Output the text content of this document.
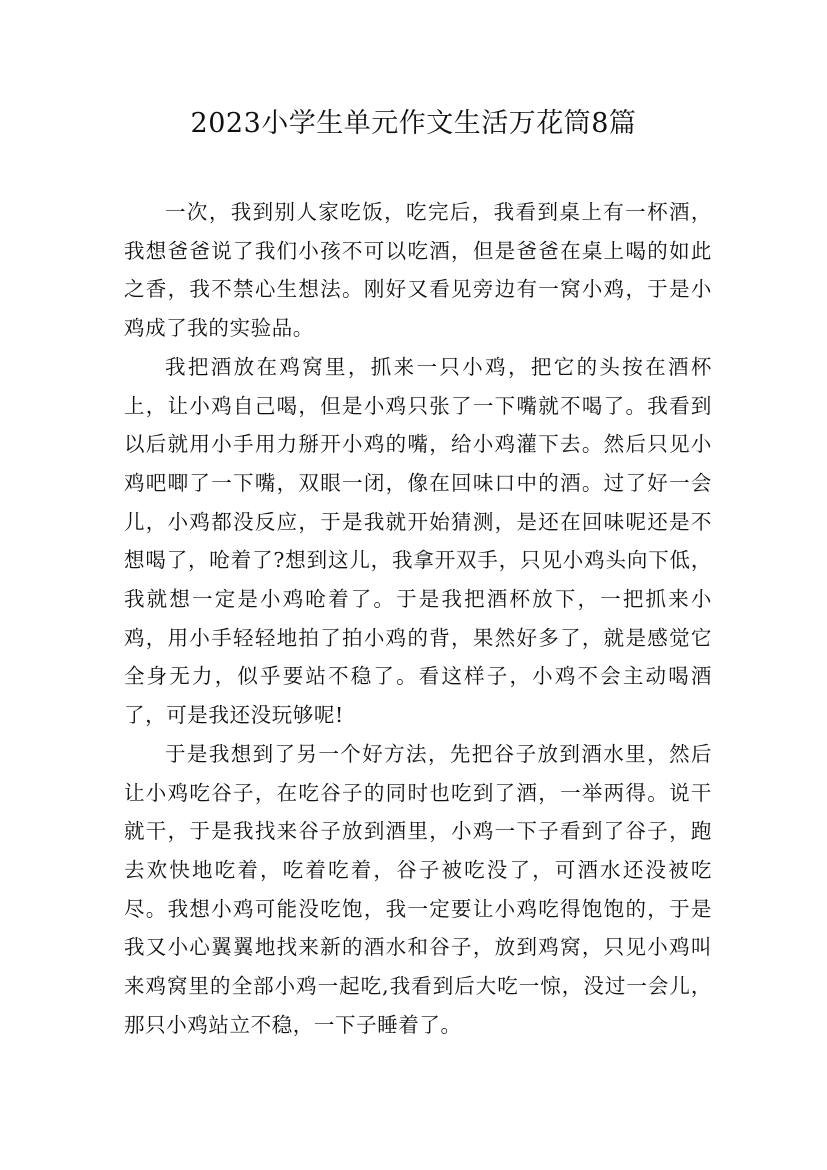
2023小学生单元作文生活万花筒8篇

一次，我到别人家吃饭，吃完后，我看到桌上有一杯酒，我想爸爸说了我们小孩不可以吃酒，但是爸爸在桌上喝的如此之香，我不禁心生想法。刚好又看见旁边有一窝小鸡，于是小鸡成了我的实验品。

我把酒放在鸡窝里，抓来一只小鸡，把它的头按在酒杯上，让小鸡自己喝，但是小鸡只张了一下嘴就不喝了。我看到以后就用小手用力掰开小鸡的嘴，给小鸡灌下去。然后只见小鸡吧唧了一下嘴，双眼一闭，像在回味口中的酒。过了好一会儿，小鸡都没反应，于是我就开始猜测，是还在回味呢还是不想喝了，呛着了?想到这儿，我拿开双手，只见小鸡头向下低，我就想一定是小鸡呛着了。于是我把酒杯放下，一把抓来小鸡，用小手轻轻地拍了拍小鸡的背，果然好多了，就是感觉它全身无力，似乎要站不稳了。看这样子，小鸡不会主动喝酒了，可是我还没玩够呢!

于是我想到了另一个好方法，先把谷子放到酒水里，然后让小鸡吃谷子，在吃谷子的同时也吃到了酒，一举两得。说干就干，于是我找来谷子放到酒里，小鸡一下子看到了谷子，跑去欢快地吃着，吃着吃着，谷子被吃没了，可酒水还没被吃尽。我想小鸡可能没吃饱，我一定要让小鸡吃得饱饱的，于是我又小心翼翼地找来新的酒水和谷子，放到鸡窝，只见小鸡叫来鸡窝里的全部小鸡一起吃,我看到后大吃一惊，没过一会儿，那只小鸡站立不稳，一下子睡着了。
